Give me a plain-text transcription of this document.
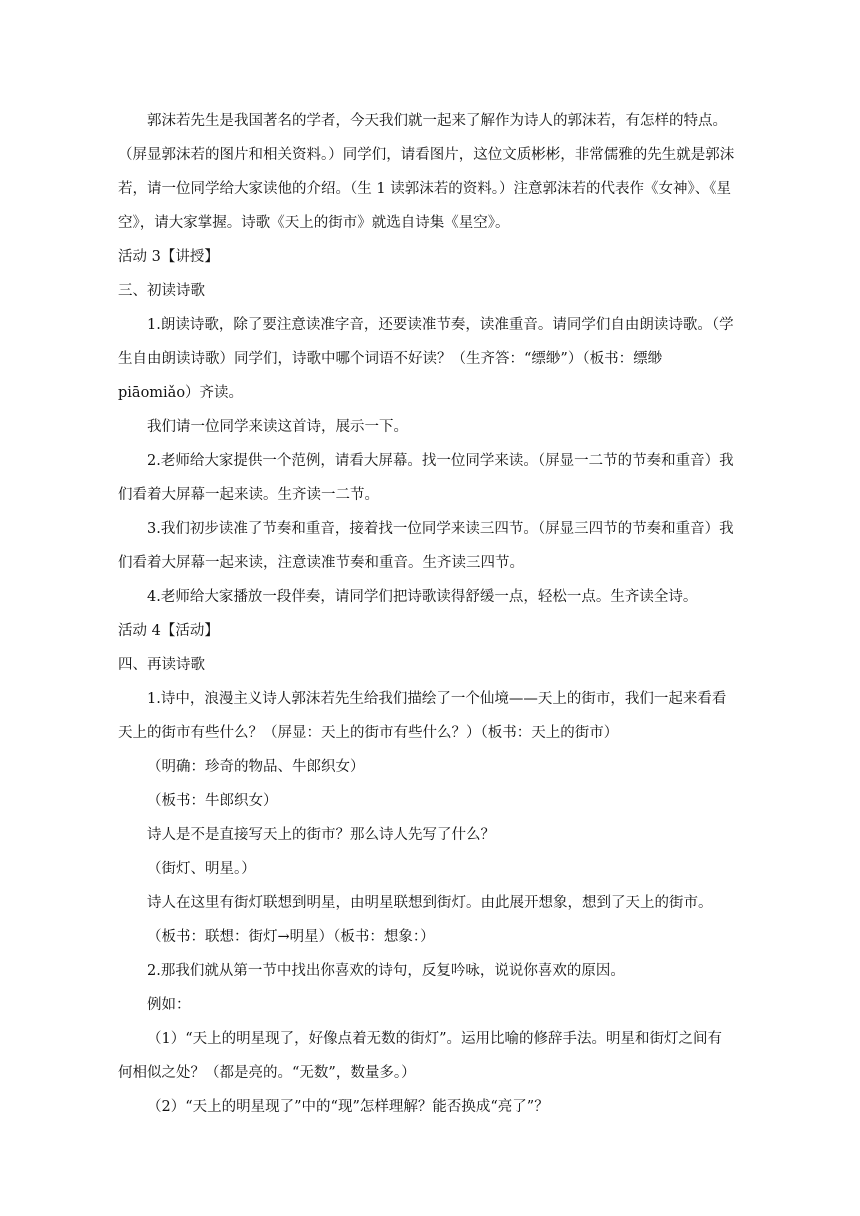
郭沫若先生是我国著名的学者，今天我们就一起来了解作为诗人的郭沫若，有怎样的特点。（屏显郭沫若的图片和相关资料。）同学们，请看图片，这位文质彬彬，非常儒雅的先生就是郭沫若，请一位同学给大家读他的介绍。（生 1 读郭沫若的资料。）注意郭沫若的代表作《女神》、《星空》，请大家掌握。诗歌《天上的街市》就选自诗集《星空》。

活动 3【讲授】

三、初读诗歌

1.朗读诗歌，除了要注意读准字音，还要读准节奏，读准重音。请同学们自由朗读诗歌。（学生自由朗读诗歌）同学们，诗歌中哪个词语不好读？（生齐答：“缥缈”）（板书：缥缈piāomiǎo）齐读。

我们请一位同学来读这首诗，展示一下。

2.老师给大家提供一个范例，请看大屏幕。找一位同学来读。（屏显一二节的节奏和重音）我们看着大屏幕一起来读。生齐读一二节。

3.我们初步读准了节奏和重音，接着找一位同学来读三四节。（屏显三四节的节奏和重音）我们看着大屏幕一起来读，注意读准节奏和重音。生齐读三四节。

4.老师给大家播放一段伴奏，请同学们把诗歌读得舒缓一点，轻松一点。生齐读全诗。

活动 4【活动】

四、再读诗歌

1.诗中，浪漫主义诗人郭沫若先生给我们描绘了一个仙境——天上的街市，我们一起来看看天上的街市有些什么？（屏显：天上的街市有些什么？）（板书：天上的街市）

（明确：珍奇的物品、牛郎织女）

（板书：牛郎织女）

诗人是不是直接写天上的街市？那么诗人先写了什么？

（街灯、明星。）

诗人在这里有街灯联想到明星，由明星联想到街灯。由此展开想象，想到了天上的街市。

（板书：联想：街灯→明星）（板书：想象：）

2.那我们就从第一节中找出你喜欢的诗句，反复吟咏，说说你喜欢的原因。

例如：

（1）“天上的明星现了，好像点着无数的街灯”。运用比喻的修辞手法。明星和街灯之间有何相似之处？（都是亮的。“无数”，数量多。）

（2）“天上的明星现了”中的“现”怎样理解？能否换成“亮了”？
